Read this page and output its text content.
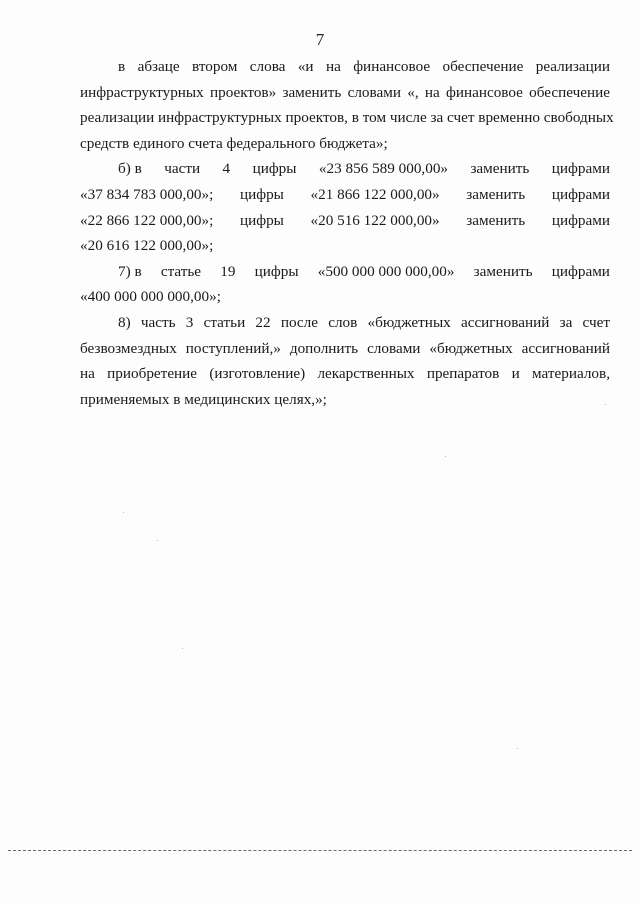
7
в абзаце втором слова «и на финансовое обеспечение реализации
инфраструктурных проектов» заменить словами «, на финансовое обеспечение
реализации инфраструктурных проектов, в том числе за счет временно свободных
средств единого счета федерального бюджета»;
б) в части 4 цифры «23 856 589 000,00» заменить цифрами
«37 834 783 000,00»; цифры «21 866 122 000,00» заменить цифрами
«22 866 122 000,00»; цифры «20 516 122 000,00» заменить цифрами
«20 616 122 000,00»;
7) в статье 19 цифры «500 000 000 000,00» заменить цифрами
«400 000 000 000,00»;
8) часть 3 статьи 22 после слов «бюджетных ассигнований за счет
безвозмездных поступлений,» дополнить словами «бюджетных ассигнований
на приобретение (изготовление) лекарственных препаратов и материалов,
применяемых в медицинских целях,»;
